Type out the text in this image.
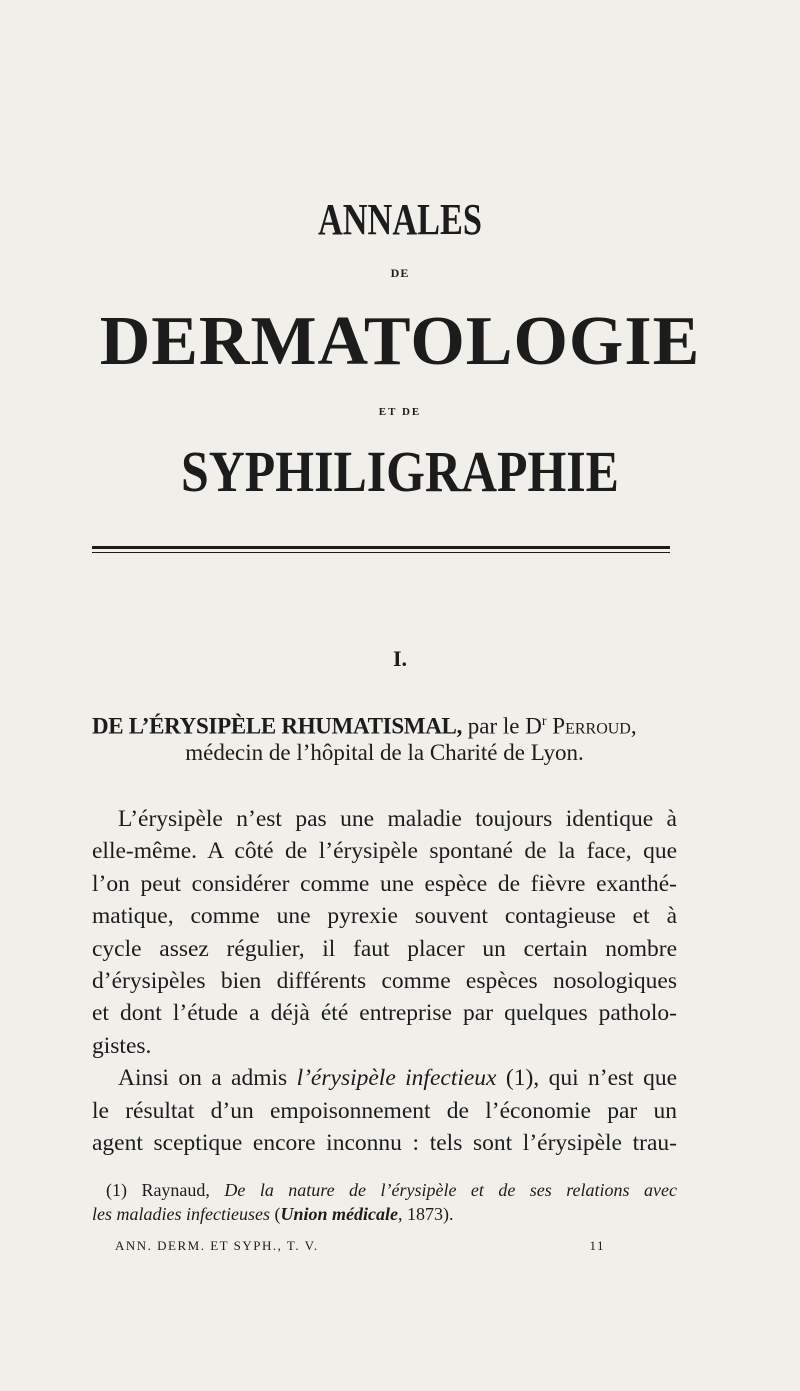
ANNALES
DE
DERMATOLOGIE
ET DE
SYPHILIGRAPHIE
I.
DE L’ÉRYSIPÈLE RHUMATISMAL, par le $D^r$ Perroud,
médecin de l’hôpital de la Charité de Lyon.

L’érysipèle n’est pas une maladie toujours identique à

elle-même. A côté de l’érysipèle spontané de la face, que
l’on peut considérer comme une espèce de fièvre exanthé-
matique, comme une pyrexie souvent contagieuse et à
cycle assez régulier, il faut placer un certain nombre
d’érysipèles bien différents comme espèces nosologiques
et dont l’étude a déjà été entreprise par quelques patholo-
gistes.

Ainsi on a admis l’érysipèle infectieux (1), qui n’est que

le résultat d’un empoisonnement de l’économie par un
agent sceptique encore inconnu : tels sont l’érysipèle trau-
(1) Raynaud, De la nature de l’érysipèle et de ses relations avec
les maladies infectieuses (Union médicale, 1873).
ANN. DERM. ET SYPH., T. V.	11
